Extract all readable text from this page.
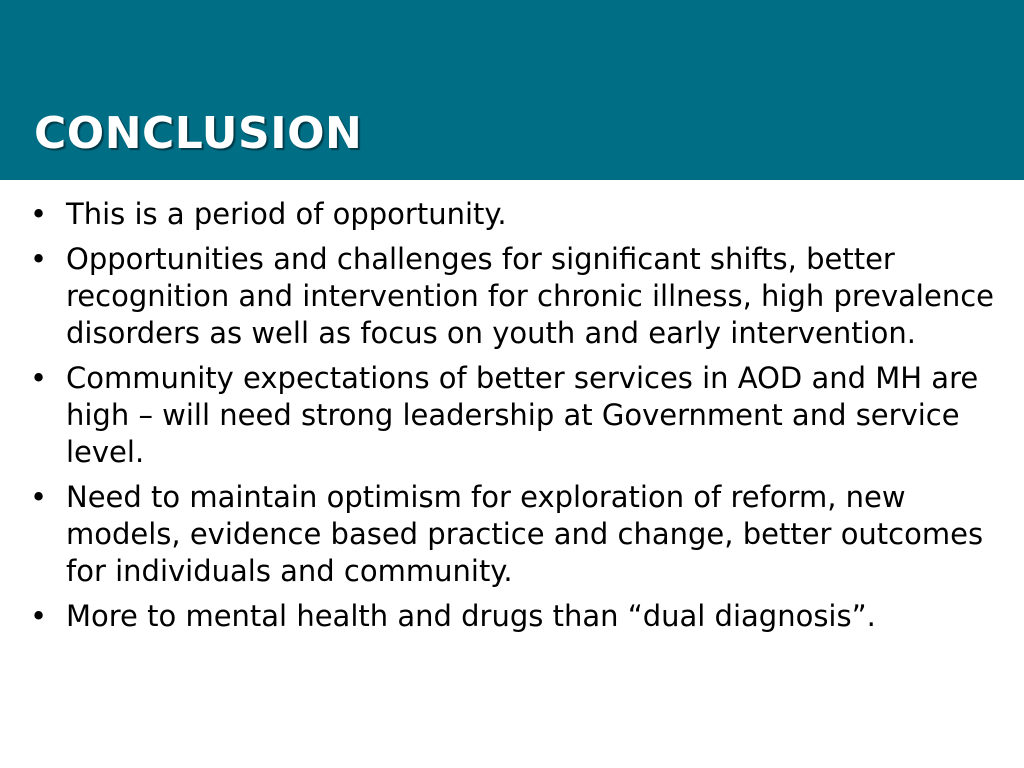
CONCLUSION
• This is a period of opportunity.
• Opportunities and challenges for significant shifts, better recognition and intervention for chronic illness, high prevalence disorders as well as focus on youth and early intervention.
• Community expectations of better services in AOD and MH are high – will need strong leadership at Government and service level.
• Need to maintain optimism for exploration of reform, new models, evidence based practice and change, better outcomes for individuals and community.
• More to mental health and drugs than “dual diagnosis”.
